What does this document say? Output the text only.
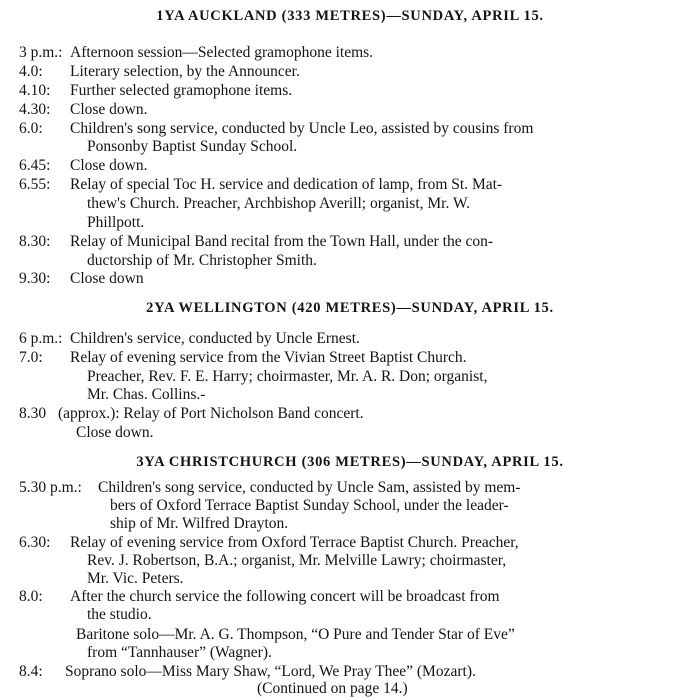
1YA AUCKLAND (333 METRES)—SUNDAY, APRIL 15.
3 p.m.: Afternoon session—Selected gramophone items.
4.0: Literary selection, by the Announcer.
4.10: Further selected gramophone items.
4.30: Close down.
6.0: Children's song service, conducted by Uncle Leo, assisted by cousins from
Ponsonby Baptist Sunday School.
6.45: Close down.
6.55: Relay of special Toc H. service and dedication of lamp, from St. Mat-
thew's Church. Preacher, Archbishop Averill; organist, Mr. W.
Phillpott.
8.30: Relay of Municipal Band recital from the Town Hall, under the con-
ductorship of Mr. Christopher Smith.
9.30: Close down
2YA WELLINGTON (420 METRES)—SUNDAY, APRIL 15.
6 p.m.: Children's service, conducted by Uncle Ernest.
7.0: Relay of evening service from the Vivian Street Baptist Church.
Preacher, Rev. F. E. Harry; choirmaster, Mr. A. R. Don; organist,
Mr. Chas. Collins.-
8.30 (approx.): Relay of Port Nicholson Band concert.
Close down.
3YA CHRISTCHURCH (306 METRES)—SUNDAY, APRIL 15.
5.30 p.m.: Children's song service, conducted by Uncle Sam, assisted by mem-
bers of Oxford Terrace Baptist Sunday School, under the leader-
ship of Mr. Wilfred Drayton.
6.30: Relay of evening service from Oxford Terrace Baptist Church. Preacher,
Rev. J. Robertson, B.A.; organist, Mr. Melville Lawry; choirmaster,
Mr. Vic. Peters.
8.0: After the church service the following concert will be broadcast from
the studio.
Baritone solo—Mr. A. G. Thompson, “O Pure and Tender Star of Eve”
from “Tannhauser” (Wagner).
8.4: Soprano solo—Miss Mary Shaw, “Lord, We Pray Thee” (Mozart).
(Continued on page 14.)
